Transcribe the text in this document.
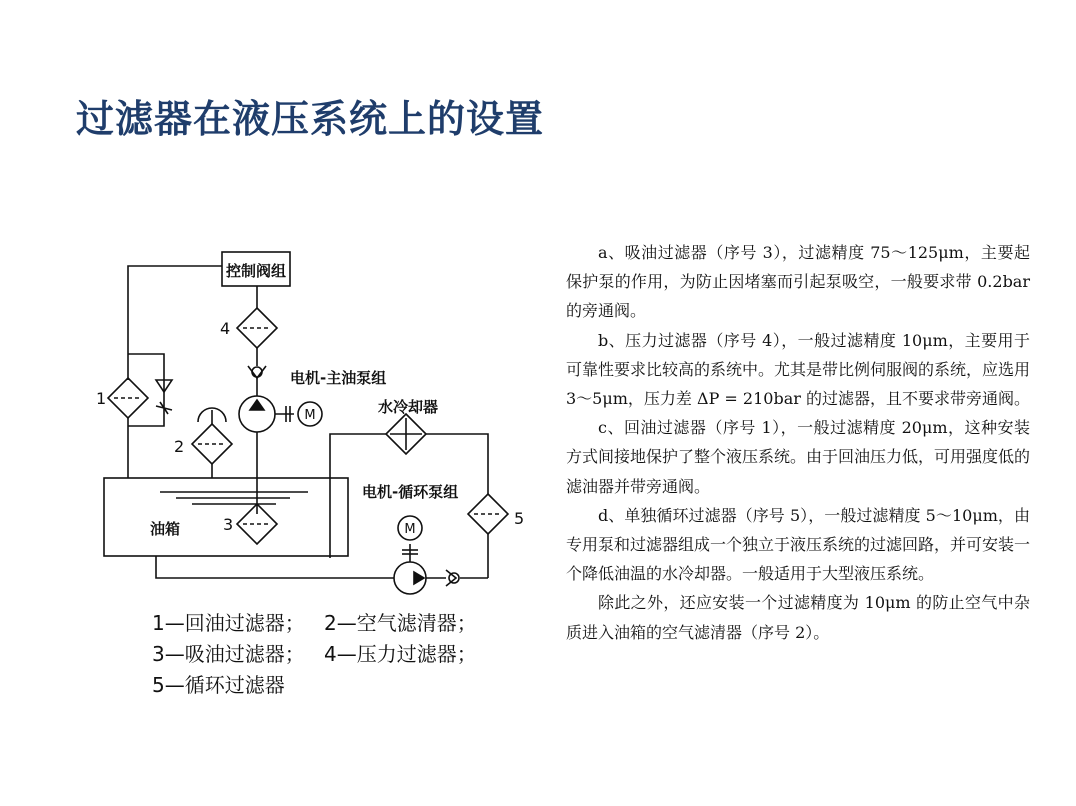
过滤器在液压系统上的设置
控制阀组
电机-主油泵组
水冷却器
电机-循环泵组
油箱
M
M
1
2
3
4
5
1—回油过滤器； 2—空气滤清器；
3—吸油过滤器； 4—压力过滤器；
5—循环过滤器

a、吸油过滤器（序号 3），过滤精度 75～125μm，主要起保护泵的作用，为防止因堵塞而引起泵吸空，一般要求带 0.2bar 的旁通阀。

b、压力过滤器（序号 4），一般过滤精度 10μm，主要用于可靠性要求比较高的系统中。尤其是带比例伺服阀的系统，应选用 3～5μm，压力差 ΔP = 210bar 的过滤器，且不要求带旁通阀。

c、回油过滤器（序号 1），一般过滤精度 20μm，这种安装方式间接地保护了整个液压系统。由于回油压力低，可用强度低的滤油器并带旁通阀。

d、单独循环过滤器（序号 5），一般过滤精度 5～10μm，由专用泵和过滤器组成一个独立于液压系统的过滤回路，并可安装一个降低油温的水冷却器。一般适用于大型液压系统。

除此之外，还应安装一个过滤精度为 10μm 的防止空气中杂质进入油箱的空气滤清器（序号 2）。
